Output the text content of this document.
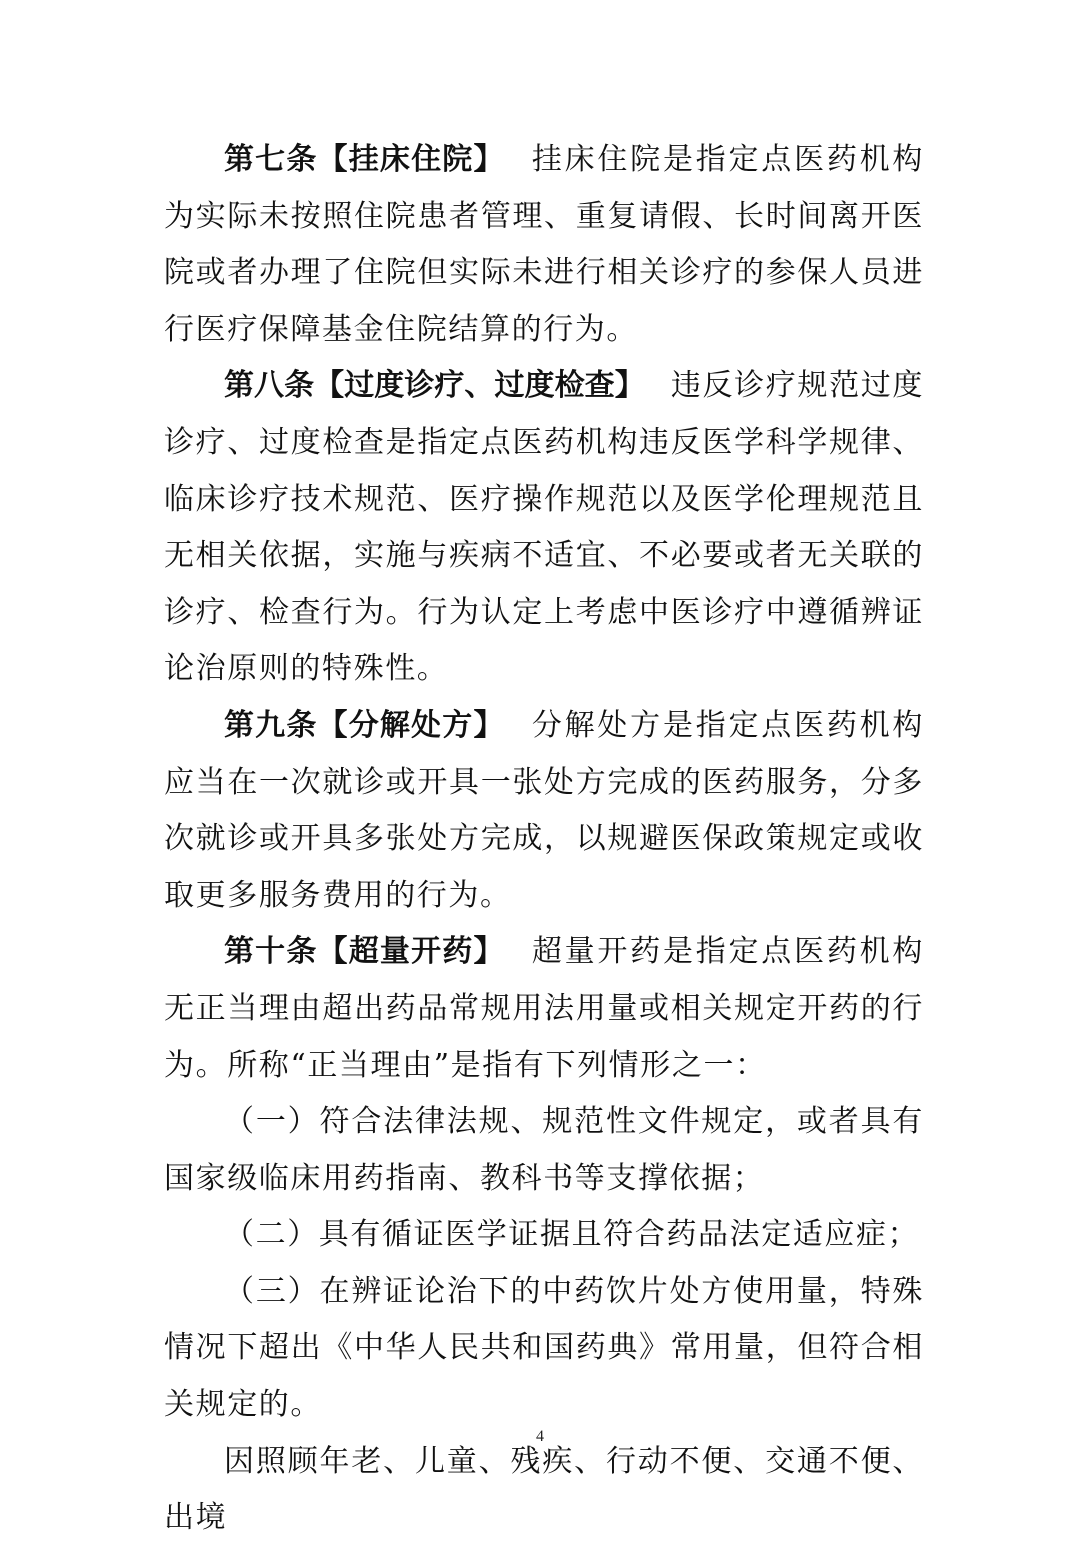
第七条【挂床住院】 挂床住院是指定点医药机构为实际未按照住院患者管理、重复请假、长时间离开医院或者办理了住院但实际未进行相关诊疗的参保人员进行医疗保障基金住院结算的行为。

第八条【过度诊疗、过度检查】 违反诊疗规范过度诊疗、过度检查是指定点医药机构违反医学科学规律、临床诊疗技术规范、医疗操作规范以及医学伦理规范且无相关依据，实施与疾病不适宜、不必要或者无关联的诊疗、检查行为。行为认定上考虑中医诊疗中遵循辨证论治原则的特殊性。

第九条【分解处方】 分解处方是指定点医药机构应当在一次就诊或开具一张处方完成的医药服务，分多次就诊或开具多张处方完成，以规避医保政策规定或收取更多服务费用的行为。

第十条【超量开药】 超量开药是指定点医药机构无正当理由超出药品常规用法用量或相关规定开药的行为。所称“正当理由”是指有下列情形之一：

（一）符合法律法规、规范性文件规定，或者具有国家级临床用药指南、教科书等支撑依据；

（二）具有循证医学证据且符合药品法定适应症；

（三）在辨证论治下的中药饮片处方使用量，特殊情况下超出《中华人民共和国药典》常用量，但符合相关规定的。

因照顾年老、儿童、残疾、行动不便、交通不便、出境

4
